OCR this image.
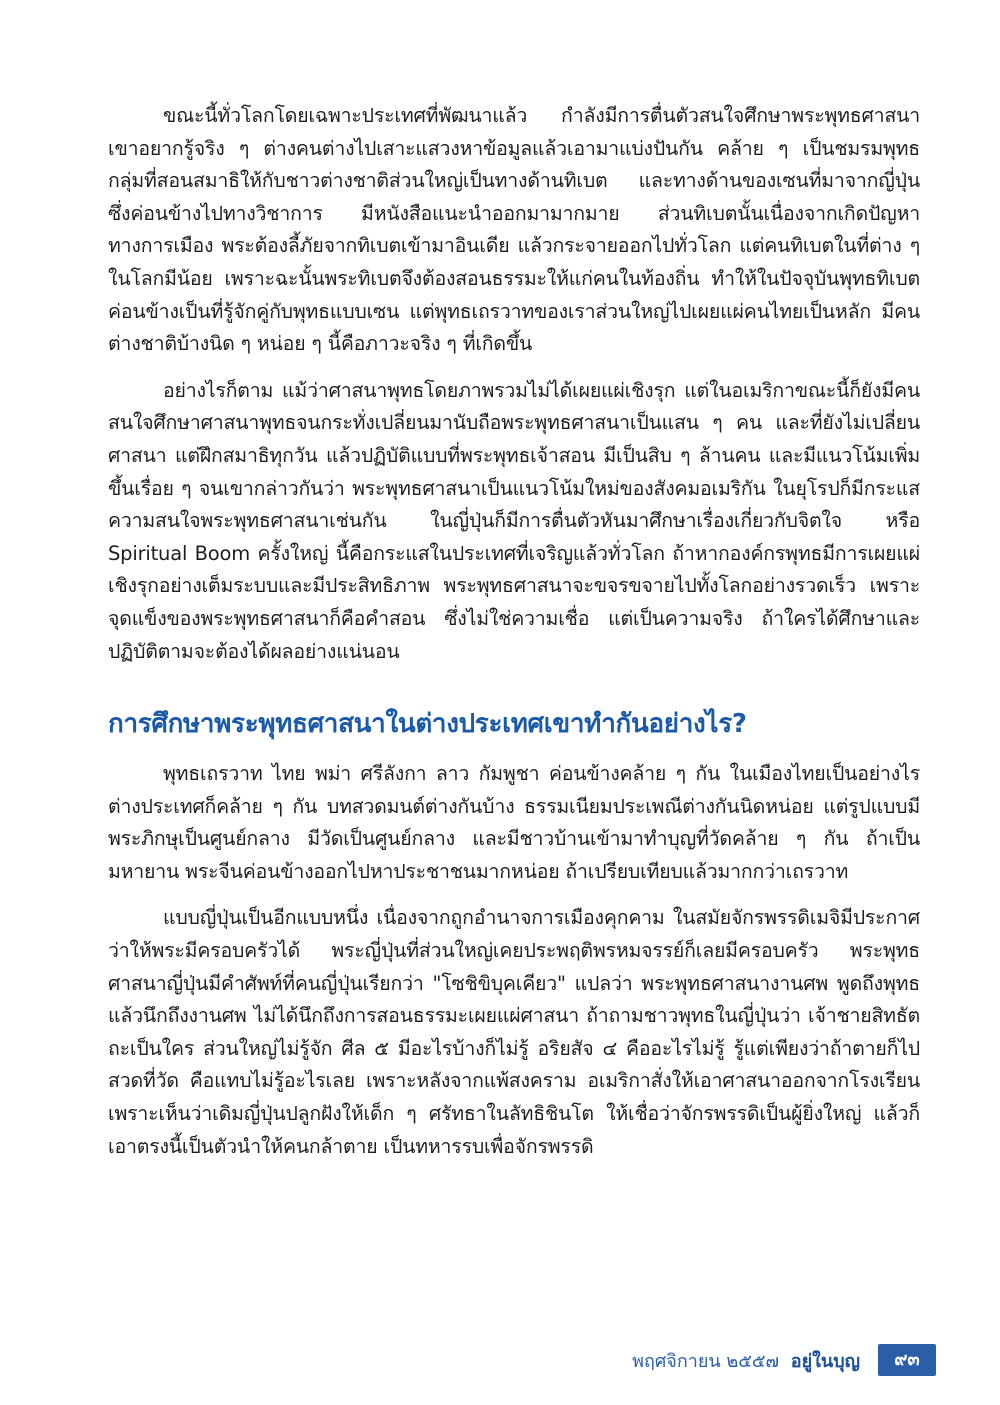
ขณะนี้ทั่วโลกโดยเฉพาะประเทศที่พัฒนาแล้ว กำลังมีการตื่นตัวสนใจศึกษาพระพุทธศาสนา เขาอยากรู้จริง ๆ ต่างคนต่างไปเสาะแสวงหาข้อมูลแล้วเอามาแบ่งปันกัน คล้าย ๆ เป็นชมรมพุทธ กลุ่มที่สอนสมาธิให้กับชาวต่างชาติส่วนใหญ่เป็นทางด้านทิเบต และทางด้านของเซนที่มาจากญี่ปุ่น ซึ่งค่อนข้างไปทางวิชาการ มีหนังสือแนะนำออกมามากมาย ส่วนทิเบตนั้นเนื่องจากเกิดปัญหาทางการเมือง พระต้องลี้ภัยจากทิเบตเข้ามาอินเดีย แล้วกระจายออกไปทั่วโลก แต่คนทิเบตในที่ต่าง ๆ ในโลกมีน้อย เพราะฉะนั้นพระทิเบตจึงต้องสอนธรรมะให้แก่คนในท้องถิ่น ทำให้ในปัจจุบันพุทธทิเบตค่อนข้างเป็นที่รู้จักคู่กับพุทธแบบเซน แต่พุทธเถรวาทของเราส่วนใหญ่ไปเผยแผ่คนไทยเป็นหลัก มีคนต่างชาติบ้างนิด ๆ หน่อย ๆ นี้คือภาวะจริง ๆ ที่เกิดขึ้น

อย่างไรก็ตาม แม้ว่าศาสนาพุทธโดยภาพรวมไม่ได้เผยแผ่เชิงรุก แต่ในอเมริกาขณะนี้ก็ยังมีคนสนใจศึกษาศาสนาพุทธจนกระทั่งเปลี่ยนมานับถือพระพุทธศาสนาเป็นแสน ๆ คน และที่ยังไม่เปลี่ยนศาสนา แต่ฝึกสมาธิทุกวัน แล้วปฏิบัติแบบที่พระพุทธเจ้าสอน มีเป็นสิบ ๆ ล้านคน และมีแนวโน้มเพิ่มขึ้นเรื่อย ๆ จนเขากล่าวกันว่า พระพุทธศาสนาเป็นแนวโน้มใหม่ของสังคมอเมริกัน ในยุโรปก็มีกระแสความสนใจพระพุทธศาสนาเช่นกัน ในญี่ปุ่นก็มีการตื่นตัวหันมาศึกษาเรื่องเกี่ยวกับจิตใจ หรือ Spiritual Boom ครั้งใหญ่ นี้คือกระแสในประเทศที่เจริญแล้วทั่วโลก ถ้าหากองค์กรพุทธมีการเผยแผ่เชิงรุกอย่างเต็มระบบและมีประสิทธิภาพ พระพุทธศาสนาจะขจรขจายไปทั้งโลกอย่างรวดเร็ว เพราะจุดแข็งของพระพุทธศาสนาก็คือคำสอน ซึ่งไม่ใช่ความเชื่อ แต่เป็นความจริง ถ้าใครได้ศึกษาและปฏิบัติตามจะต้องได้ผลอย่างแน่นอน

การศึกษาพระพุทธศาสนาในต่างประเทศเขาทำกันอย่างไร?

พุทธเถรวาท ไทย พม่า ศรีลังกา ลาว กัมพูชา ค่อนข้างคล้าย ๆ กัน ในเมืองไทยเป็นอย่างไรต่างประเทศก็คล้าย ๆ กัน บทสวดมนต์ต่างกันบ้าง ธรรมเนียมประเพณีต่างกันนิดหน่อย แต่รูปแบบมีพระภิกษุเป็นศูนย์กลาง มีวัดเป็นศูนย์กลาง และมีชาวบ้านเข้ามาทำบุญที่วัดคล้าย ๆ กัน ถ้าเป็นมหายาน พระจีนค่อนข้างออกไปหาประชาชนมากหน่อย ถ้าเปรียบเทียบแล้วมากกว่าเถรวาท

แบบญี่ปุ่นเป็นอีกแบบหนึ่ง เนื่องจากถูกอำนาจการเมืองคุกคาม ในสมัยจักรพรรดิเมจิมีประกาศว่าให้พระมีครอบครัวได้ พระญี่ปุ่นที่ส่วนใหญ่เคยประพฤติพรหมจรรย์ก็เลยมีครอบครัว พระพุทธศาสนาญี่ปุ่นมีคำศัพท์ที่คนญี่ปุ่นเรียกว่า "โซชิขิบุคเคียว" แปลว่า พระพุทธศาสนางานศพ พูดถึงพุทธแล้วนึกถึงงานศพ ไม่ได้นึกถึงการสอนธรรมะเผยแผ่ศาสนา ถ้าถามชาวพุทธในญี่ปุ่นว่า เจ้าชายสิทธัตถะเป็นใคร ส่วนใหญ่ไม่รู้จัก ศีล ๕ มีอะไรบ้างก็ไม่รู้ อริยสัจ ๔ คืออะไรไม่รู้ รู้แต่เพียงว่าถ้าตายก็ไปสวดที่วัด คือแทบไม่รู้อะไรเลย เพราะหลังจากแพ้สงคราม อเมริกาสั่งให้เอาศาสนาออกจากโรงเรียน เพราะเห็นว่าเดิมญี่ปุ่นปลูกฝังให้เด็ก ๆ ศรัทธาในลัทธิชินโต ให้เชื่อว่าจักรพรรดิเป็นผู้ยิ่งใหญ่ แล้วก็เอาตรงนี้เป็นตัวนำให้คนกล้าตาย เป็นทหารรบเพื่อจักรพรรดิ

พฤศจิกายน ๒๕๕๗ อยู่ในบุญ	๙๓
